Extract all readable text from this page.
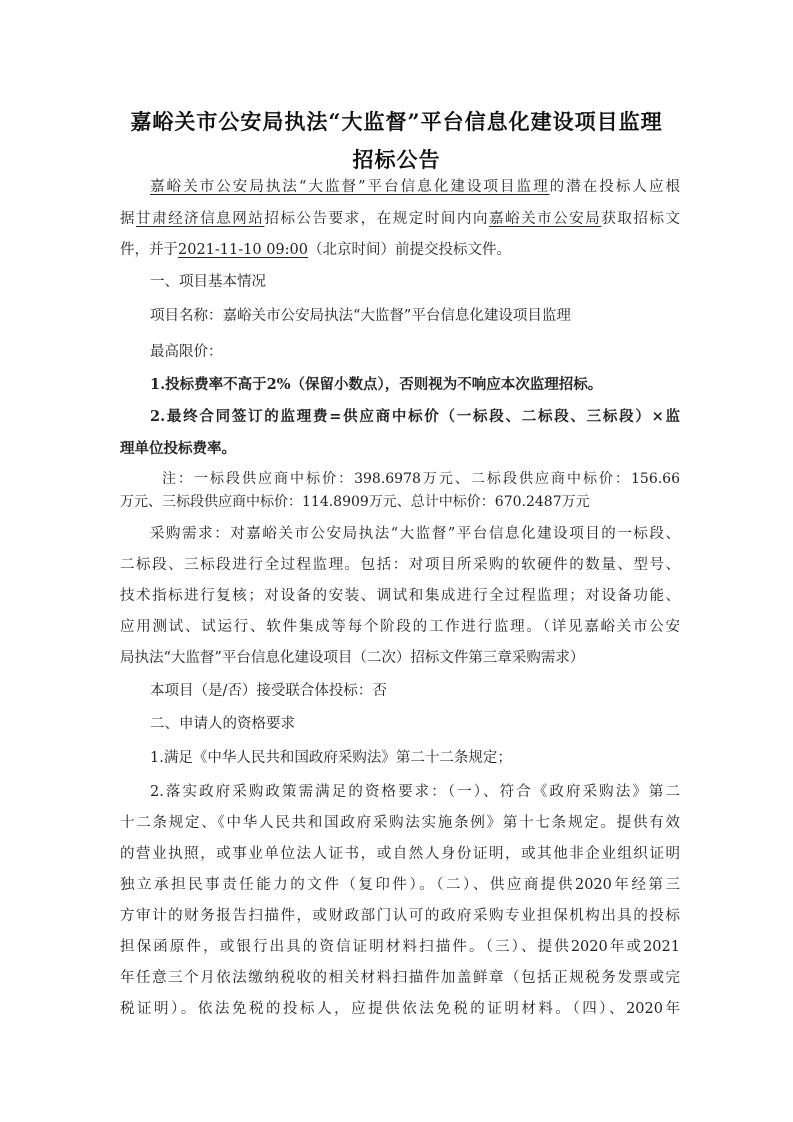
嘉峪关市公安局执法“大监督”平台信息化建设项目监理
招标公告
嘉峪关市公安局执法“大监督”平台信息化建设项目监理的潜在投标人应根
据甘肃经济信息网站招标公告要求，在规定时间内向嘉峪关市公安局获取招标文
件，并于2021-11-10 09:00（北京时间）前提交投标文件。
一、项目基本情况
项目名称：嘉峪关市公安局执法“大监督”平台信息化建设项目监理
最高限价：
1.投标费率不高于2%（保留小数点），否则视为不响应本次监理招标。
2.最终合同签订的监理费=供应商中标价（一标段、二标段、三标段）×监
理单位投标费率。
注：一标段供应商中标价：398.6978万元、二标段供应商中标价：156.66
万元、三标段供应商中标价：114.8909万元、总计中标价：670.2487万元
采购需求：对嘉峪关市公安局执法“大监督”平台信息化建设项目的一标段、
二标段、三标段进行全过程监理。包括：对项目所采购的软硬件的数量、型号、
技术指标进行复核；对设备的安装、调试和集成进行全过程监理；对设备功能、
应用测试、试运行、软件集成等每个阶段的工作进行监理。（详见嘉峪关市公安
局执法“大监督”平台信息化建设项目（二次）招标文件第三章采购需求）
本项目（是/否）接受联合体投标：否
二、申请人的资格要求
1.满足《中华人民共和国政府采购法》第二十二条规定；
2.落实政府采购政策需满足的资格要求：（一）、符合《政府采购法》第二
十二条规定、《中华人民共和国政府采购法实施条例》第十七条规定。提供有效
的营业执照，或事业单位法人证书，或自然人身份证明，或其他非企业组织证明
独立承担民事责任能力的文件（复印件）。（二）、供应商提供2020年经第三
方审计的财务报告扫描件，或财政部门认可的政府采购专业担保机构出具的投标
担保函原件，或银行出具的资信证明材料扫描件。（三）、提供2020年或2021
年任意三个月依法缴纳税收的相关材料扫描件加盖鲜章（包括正规税务发票或完
税证明）。依法免税的投标人，应提供依法免税的证明材料。（四）、2020年
